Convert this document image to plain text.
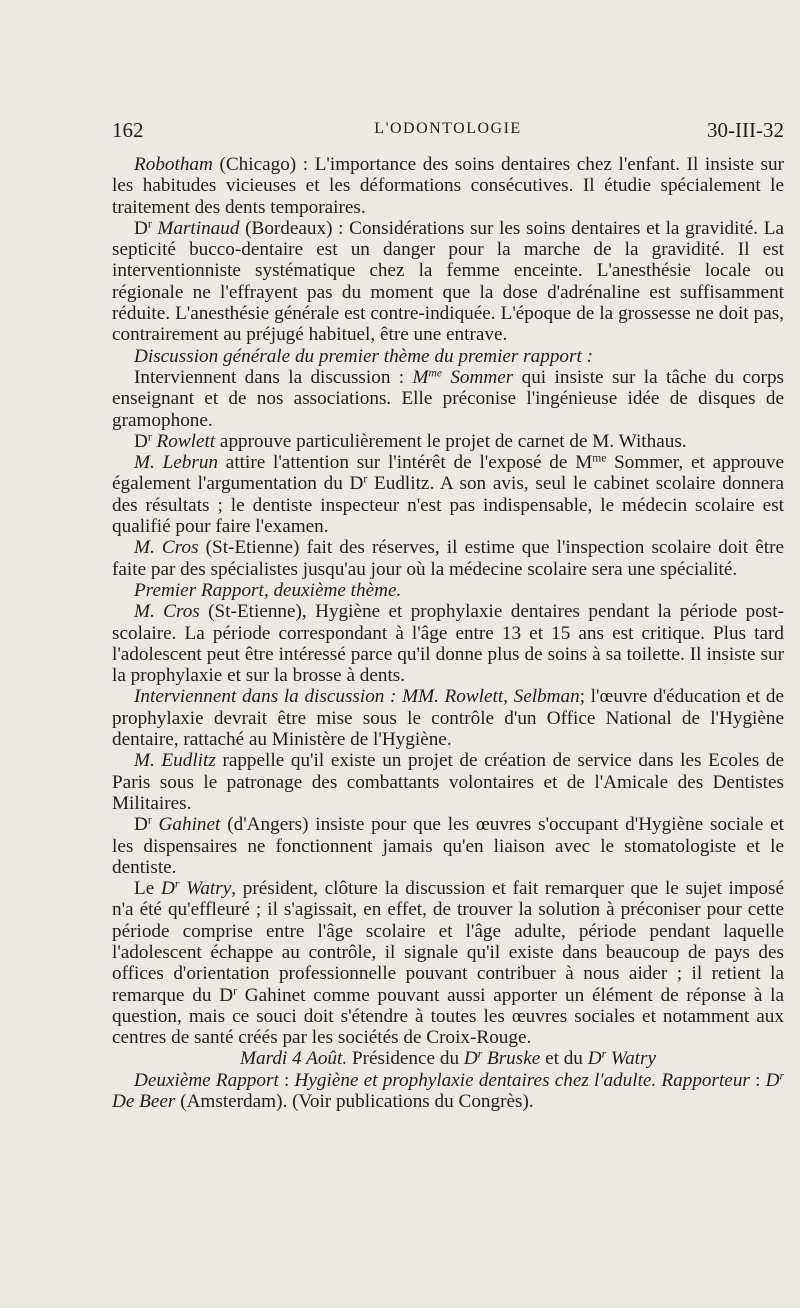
162	L'ODONTOLOGIE	30-III-32

Robotham (Chicago) : L'importance des soins dentaires chez l'enfant. Il insiste sur les habitudes vicieuses et les déformations consécutives. Il étudie spécialement le traitement des dents temporaires.

$D^r$ Martinaud (Bordeaux) : Considérations sur les soins dentaires et la gravidité. La septicité bucco-dentaire est un danger pour la marche de la gravidité. Il est interventionniste systématique chez la femme enceinte. L'anesthésie locale ou régionale ne l'effrayent pas du moment que la dose d'adrénaline est suffisamment réduite. L'anesthésie générale est contre-indiquée. L'époque de la grossesse ne doit pas, contrairement au préjugé habituel, être une entrave.

Discussion générale du premier thème du premier rapport :

Interviennent dans la discussion : $M^{me}$ Sommer qui insiste sur la tâche du corps enseignant et de nos associations. Elle préconise l'ingénieuse idée de disques de gramophone.

$D^r$ Rowlett approuve particulièrement le projet de carnet de M. Withaus.

M. Lebrun attire l'attention sur l'intérêt de l'exposé de $M^{me}$ Sommer, et approuve également l'argumentation du $D^r$ Eudlitz. A son avis, seul le cabinet scolaire donnera des résultats ; le dentiste inspecteur n'est pas indispensable, le médecin scolaire est qualifié pour faire l'examen.

M. Cros (St-Etienne) fait des réserves, il estime que l'inspection scolaire doit être faite par des spécialistes jusqu'au jour où la médecine scolaire sera une spécialité.

Premier Rapport, deuxième thème.

M. Cros (St-Etienne), Hygiène et prophylaxie dentaires pendant la période post-scolaire. La période correspondant à l'âge entre 13 et 15 ans est critique. Plus tard l'adolescent peut être intéressé parce qu'il donne plus de soins à sa toilette. Il insiste sur la prophylaxie et sur la brosse à dents.

Interviennent dans la discussion : MM. Rowlett, Selbman; l'œuvre d'éducation et de prophylaxie devrait être mise sous le contrôle d'un Office National de l'Hygiène dentaire, rattaché au Ministère de l'Hygiène.

M. Eudlitz rappelle qu'il existe un projet de création de service dans les Ecoles de Paris sous le patronage des combattants volontaires et de l'Amicale des Dentistes Militaires.

$D^r$ Gahinet (d'Angers) insiste pour que les œuvres s'occupant d'Hygiène sociale et les dispensaires ne fonctionnent jamais qu'en liaison avec le stomatologiste et le dentiste.

Le $D^r$ Watry, président, clôture la discussion et fait remarquer que le sujet imposé n'a été qu'effleuré ; il s'agissait, en effet, de trouver la solution à préconiser pour cette période comprise entre l'âge scolaire et l'âge adulte, période pendant laquelle l'adolescent échappe au contrôle, il signale qu'il existe dans beaucoup de pays des offices d'orientation professionnelle pouvant contribuer à nous aider ; il retient la remarque du $D^r$ Gahinet comme pouvant aussi apporter un élément de réponse à la question, mais ce souci doit s'étendre à toutes les œuvres sociales et notamment aux centres de santé créés par les sociétés de Croix-Rouge.

Mardi 4 Août. Présidence du $D^r$ Bruske et du $D^r$ Watry

Deuxième Rapport : Hygiène et prophylaxie dentaires chez l'adulte. Rapporteur : $D^r$ De Beer (Amsterdam). (Voir publications du Congrès).
